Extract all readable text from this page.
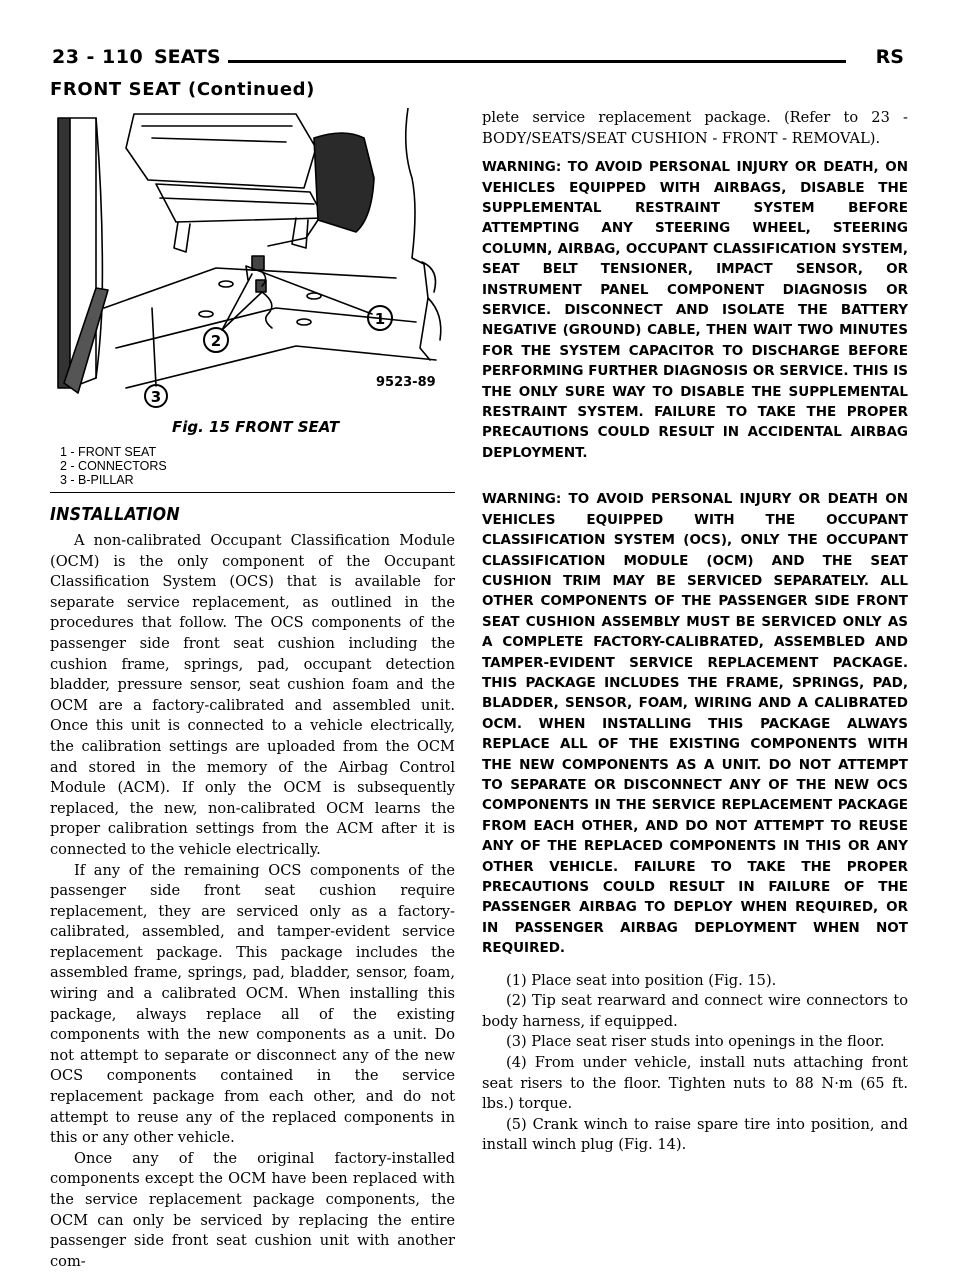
23 - 110 SEATS	RS
FRONT SEAT (Continued)
1
2
3
9523-89
Fig. 15 FRONT SEAT
1 - FRONT SEAT
2 - CONNECTORS
3 - B-PILLAR
INSTALLATION

A non-calibrated Occupant Classification Module (OCM) is the only component of the Occupant Classification System (OCS) that is available for separate service replacement, as outlined in the procedures that follow. The OCS components of the passenger side front seat cushion including the cushion frame, springs, pad, occupant detection bladder, pressure sensor, seat cushion foam and the OCM are a factory-calibrated and assembled unit. Once this unit is connected to a vehicle electrically, the calibration settings are uploaded from the OCM and stored in the memory of the Airbag Control Module (ACM). If only the OCM is subsequently replaced, the new, non-calibrated OCM learns the proper calibration settings from the ACM after it is connected to the vehicle electrically.

If any of the remaining OCS components of the passenger side front seat cushion require replacement, they are serviced only as a factory-calibrated, assembled, and tamper-evident service replacement package. This package includes the assembled frame, springs, pad, bladder, sensor, foam, wiring and a calibrated OCM. When installing this package, always replace all of the existing components with the new components as a unit. Do not attempt to separate or disconnect any of the new OCS components contained in the service replacement package from each other, and do not attempt to reuse any of the replaced components in this or any other vehicle.

Once any of the original factory-installed components except the OCM have been replaced with the service replacement package components, the OCM can only be serviced by replacing the entire passenger side front seat cushion unit with another com-

plete service replacement package. (Refer to 23 - BODY/SEATS/SEAT CUSHION - FRONT - REMOVAL).

WARNING: TO AVOID PERSONAL INJURY OR DEATH, ON VEHICLES EQUIPPED WITH AIRBAGS, DISABLE THE SUPPLEMENTAL RESTRAINT SYSTEM BEFORE ATTEMPTING ANY STEERING WHEEL, STEERING COLUMN, AIRBAG, OCCUPANT CLASSIFICATION SYSTEM, SEAT BELT TENSIONER, IMPACT SENSOR, OR INSTRUMENT PANEL COMPONENT DIAGNOSIS OR SERVICE. DISCONNECT AND ISOLATE THE BATTERY NEGATIVE (GROUND) CABLE, THEN WAIT TWO MINUTES FOR THE SYSTEM CAPACITOR TO DISCHARGE BEFORE PERFORMING FURTHER DIAGNOSIS OR SERVICE. THIS IS THE ONLY SURE WAY TO DISABLE THE SUPPLEMENTAL RESTRAINT SYSTEM. FAILURE TO TAKE THE PROPER PRECAUTIONS COULD RESULT IN ACCIDENTAL AIRBAG DEPLOYMENT.

WARNING: TO AVOID PERSONAL INJURY OR DEATH ON VEHICLES EQUIPPED WITH THE OCCUPANT CLASSIFICATION SYSTEM (OCS), ONLY THE OCCUPANT CLASSIFICATION MODULE (OCM) AND THE SEAT CUSHION TRIM MAY BE SERVICED SEPARATELY. ALL OTHER COMPONENTS OF THE PASSENGER SIDE FRONT SEAT CUSHION ASSEMBLY MUST BE SERVICED ONLY AS A COMPLETE FACTORY-CALIBRATED, ASSEMBLED AND TAMPER-EVIDENT SERVICE REPLACEMENT PACKAGE. THIS PACKAGE INCLUDES THE FRAME, SPRINGS, PAD, BLADDER, SENSOR, FOAM, WIRING AND A CALIBRATED OCM. WHEN INSTALLING THIS PACKAGE ALWAYS REPLACE ALL OF THE EXISTING COMPONENTS WITH THE NEW COMPONENTS AS A UNIT. DO NOT ATTEMPT TO SEPARATE OR DISCONNECT ANY OF THE NEW OCS COMPONENTS IN THE SERVICE REPLACEMENT PACKAGE FROM EACH OTHER, AND DO NOT ATTEMPT TO REUSE ANY OF THE REPLACED COMPONENTS IN THIS OR ANY OTHER VEHICLE. FAILURE TO TAKE THE PROPER PRECAUTIONS COULD RESULT IN FAILURE OF THE PASSENGER AIRBAG TO DEPLOY WHEN REQUIRED, OR IN PASSENGER AIRBAG DEPLOYMENT WHEN NOT REQUIRED.

(1) Place seat into position (Fig. 15).

(2) Tip seat rearward and connect wire connectors to body harness, if equipped.

(3) Place seat riser studs into openings in the floor.

(4) From under vehicle, install nuts attaching front seat risers to the floor. Tighten nuts to 88 N·m (65 ft. lbs.) torque.

(5) Crank winch to raise spare tire into position, and install winch plug (Fig. 14).
